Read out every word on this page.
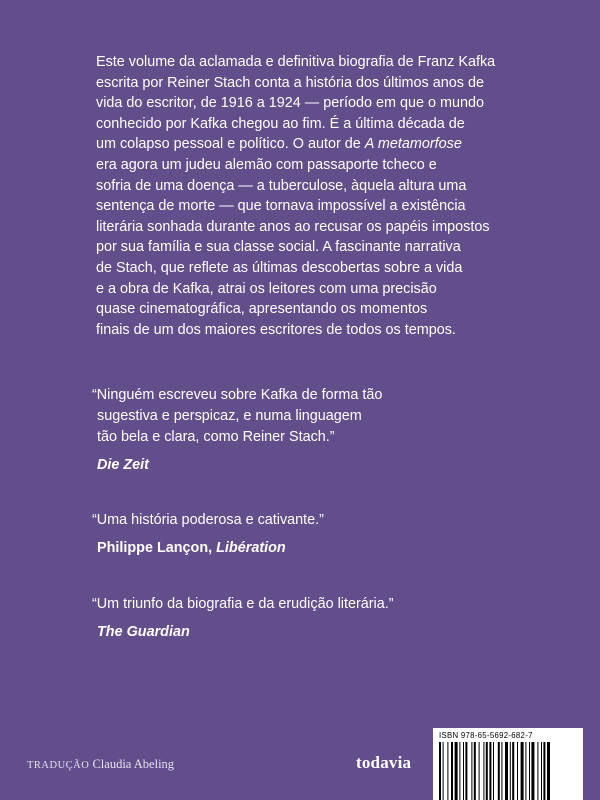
Este volume da aclamada e definitiva biografia de Franz Kafka
escrita por Reiner Stach conta a história dos últimos anos de
vida do escritor, de 1916 a 1924 — período em que o mundo
conhecido por Kafka chegou ao fim. É a última década de
um colapso pessoal e político. O autor de A metamorfose
era agora um judeu alemão com passaporte tcheco e
sofria de uma doença — a tuberculose, àquela altura uma
sentença de morte — que tornava impossível a existência
literária sonhada durante anos ao recusar os papéis impostos
por sua família e sua classe social. A fascinante narrativa
de Stach, que reflete as últimas descobertas sobre a vida
e a obra de Kafka, atrai os leitores com uma precisão
quase cinematográfica, apresentando os momentos
finais de um dos maiores escritores de todos os tempos.
“Ninguém escreveu sobre Kafka de forma tão
sugestiva e perspicaz, e numa linguagem
tão bela e clara, como Reiner Stach.”
Die Zeit
“Uma história poderosa e cativante.”
Philippe Lançon, Libération
“Um triunfo da biografia e da erudição literária.”
The Guardian
TRADUÇÃO Claudia Abeling	todavia
ISBN 978-65-5692-682-7
